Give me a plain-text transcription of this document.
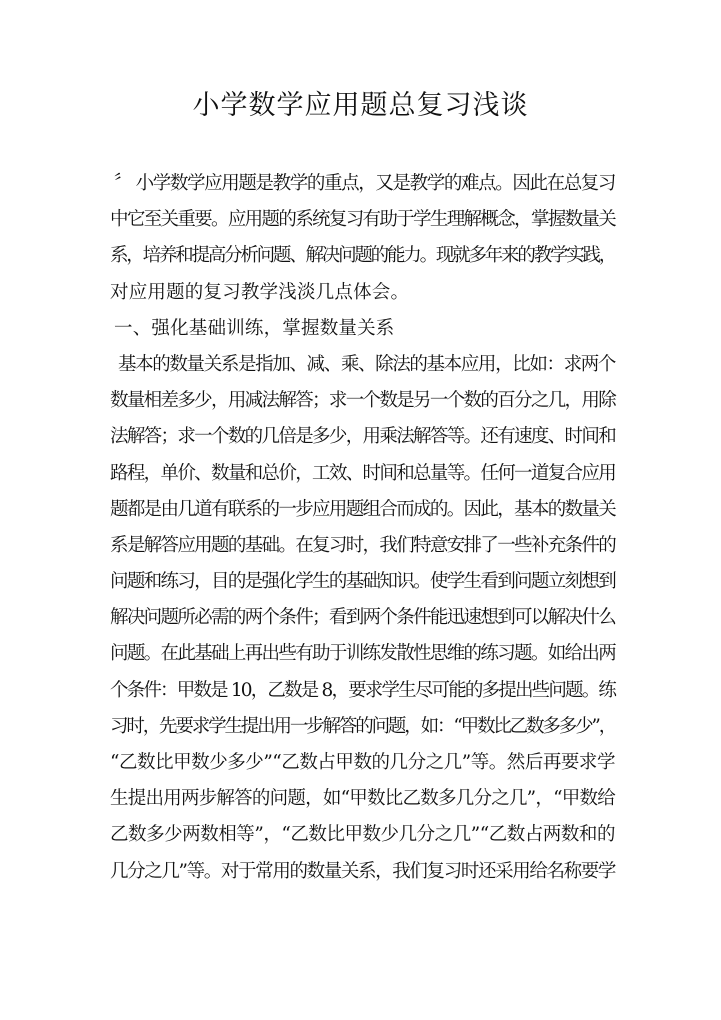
小学数学应用题总复习浅谈
〞 小学数学应用题是教学的重点，又是教学的难点。因此在总复习
中它至关重要。应用题的系统复习有助于学生理解概念，掌握数量关
系，培养和提高分析问题、解决问题的能力。现就多年来的教学实践，
对应用题的复习教学浅淡几点体会。
一、强化基础训练，掌握数量关系
基本的数量关系是指加、减、乘、除法的基本应用，比如：求两个
数量相差多少，用减法解答；求一个数是另一个数的百分之几，用除
法解答；求一个数的几倍是多少，用乘法解答等。还有速度、时间和
路程，单价、数量和总价，工效、时间和总量等。任何一道复合应用
题都是由几道有联系的一步应用题组合而成的。因此，基本的数量关
系是解答应用题的基础。在复习时，我们特意安排了一些补充条件的
问题和练习，目的是强化学生的基础知识。使学生看到问题立刻想到
解决问题所必需的两个条件；看到两个条件能迅速想到可以解决什么
问题。在此基础上再出些有助于训练发散性思维的练习题。如给出两
个条件：甲数是 10，乙数是 8，要求学生尽可能的多提出些问题。练
习时，先要求学生提出用一步解答的问题，如：“甲数比乙数多多少”，
“乙数比甲数少多少”“乙数占甲数的几分之几”等。然后再要求学
生提出用两步解答的问题，如“甲数比乙数多几分之几”，“甲数给
乙数多少两数相等”，“乙数比甲数少几分之几”“乙数占两数和的
几分之几”等。对于常用的数量关系，我们复习时还采用给名称要学
